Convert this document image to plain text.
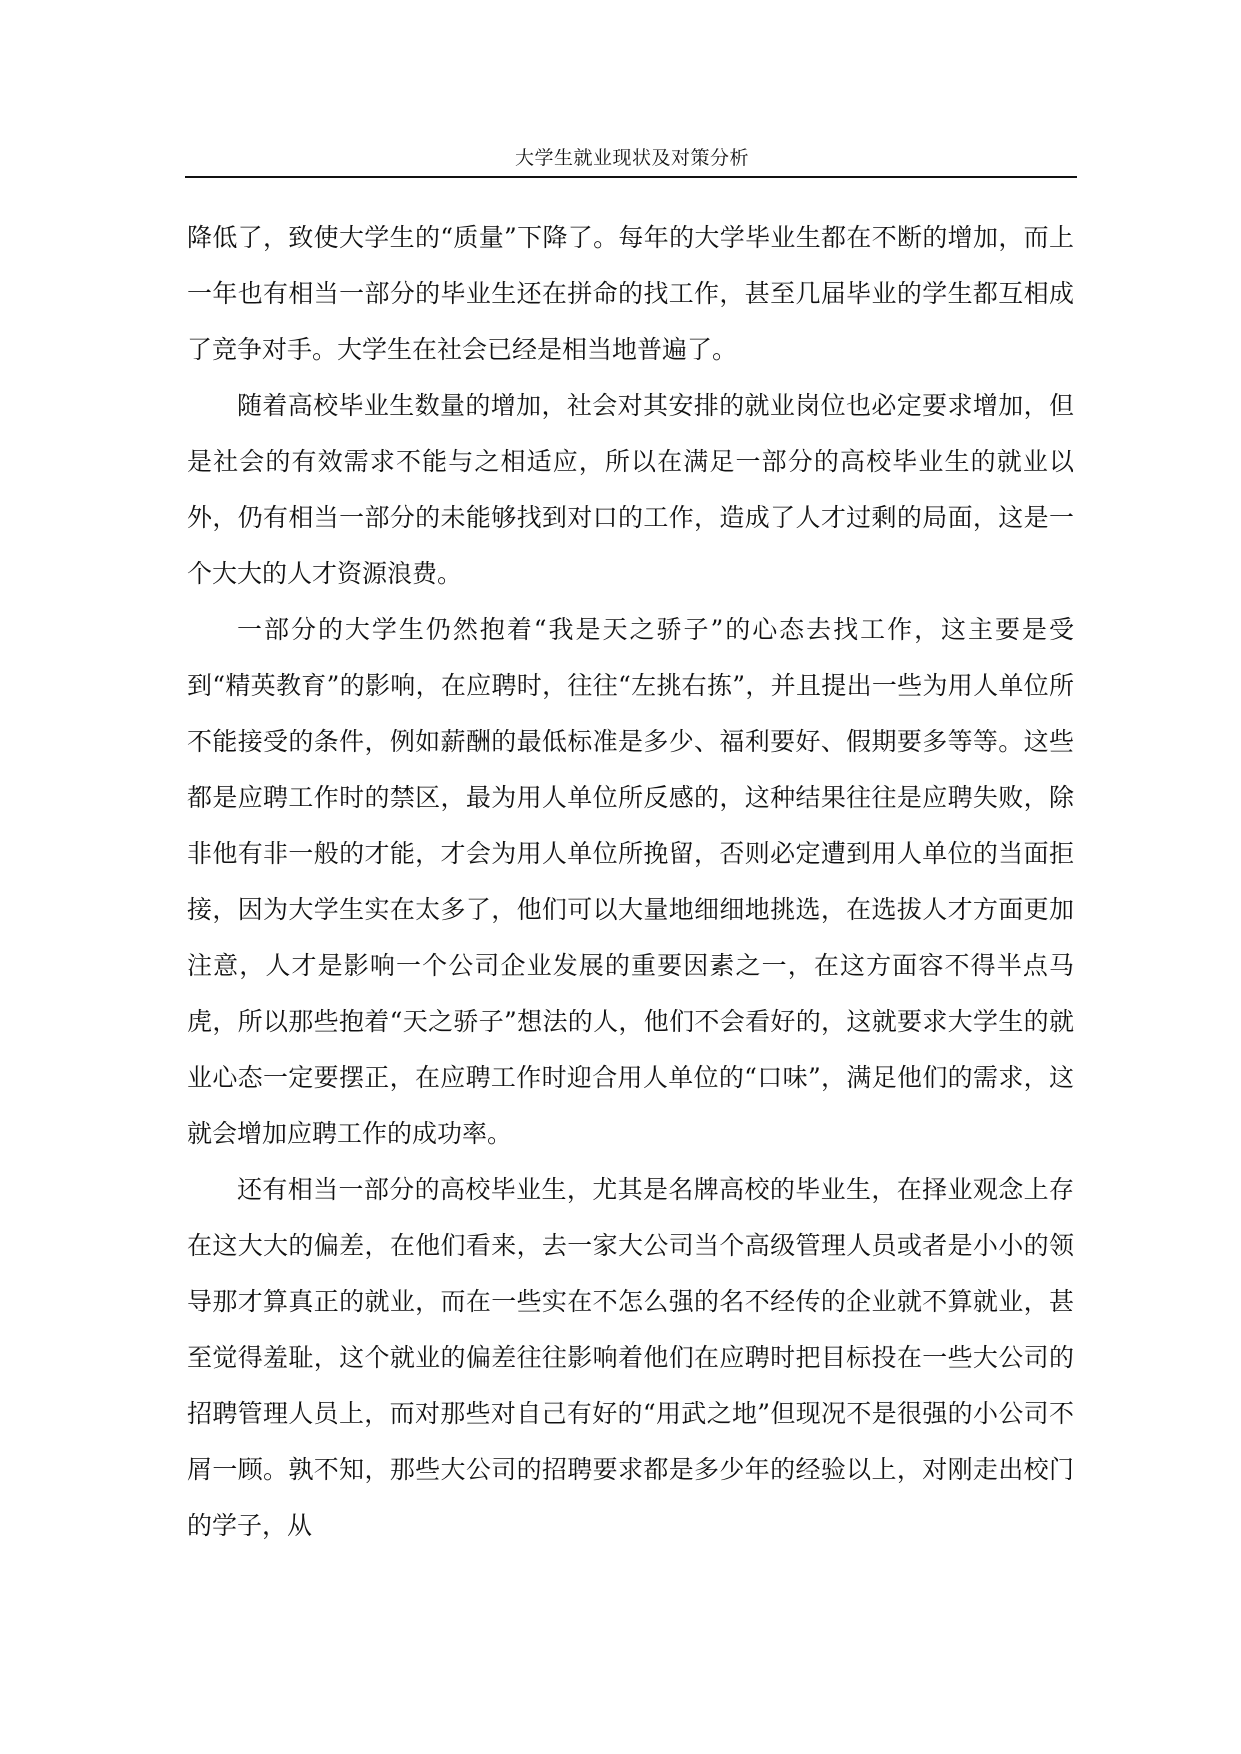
大学生就业现状及对策分析

降低了，致使大学生的“质量”下降了。每年的大学毕业生都在不断的增加，而上一年也有相当一部分的毕业生还在拼命的找工作，甚至几届毕业的学生都互相成了竞争对手。大学生在社会已经是相当地普遍了。

随着高校毕业生数量的增加，社会对其安排的就业岗位也必定要求增加，但是社会的有效需求不能与之相适应，所以在满足一部分的高校毕业生的就业以外，仍有相当一部分的未能够找到对口的工作，造成了人才过剩的局面，这是一个大大的人才资源浪费。

一部分的大学生仍然抱着“我是天之骄子”的心态去找工作，这主要是受到“精英教育”的影响，在应聘时，往往“左挑右拣”，并且提出一些为用人单位所不能接受的条件，例如薪酬的最低标准是多少、福利要好、假期要多等等。这些都是应聘工作时的禁区，最为用人单位所反感的，这种结果往往是应聘失败，除非他有非一般的才能，才会为用人单位所挽留，否则必定遭到用人单位的当面拒接，因为大学生实在太多了，他们可以大量地细细地挑选，在选拔人才方面更加注意，人才是影响一个公司企业发展的重要因素之一，在这方面容不得半点马虎，所以那些抱着“天之骄子”想法的人，他们不会看好的，这就要求大学生的就业心态一定要摆正，在应聘工作时迎合用人单位的“口味”，满足他们的需求，这就会增加应聘工作的成功率。

还有相当一部分的高校毕业生，尤其是名牌高校的毕业生，在择业观念上存在这大大的偏差，在他们看来，去一家大公司当个高级管理人员或者是小小的领导那才算真正的就业，而在一些实在不怎么强的名不经传的企业就不算就业，甚至觉得羞耻，这个就业的偏差往往影响着他们在应聘时把目标投在一些大公司的招聘管理人员上，而对那些对自己有好的“用武之地”但现况不是很强的小公司不屑一顾。孰不知，那些大公司的招聘要求都是多少年的经验以上，对刚走出校门的学子，从
